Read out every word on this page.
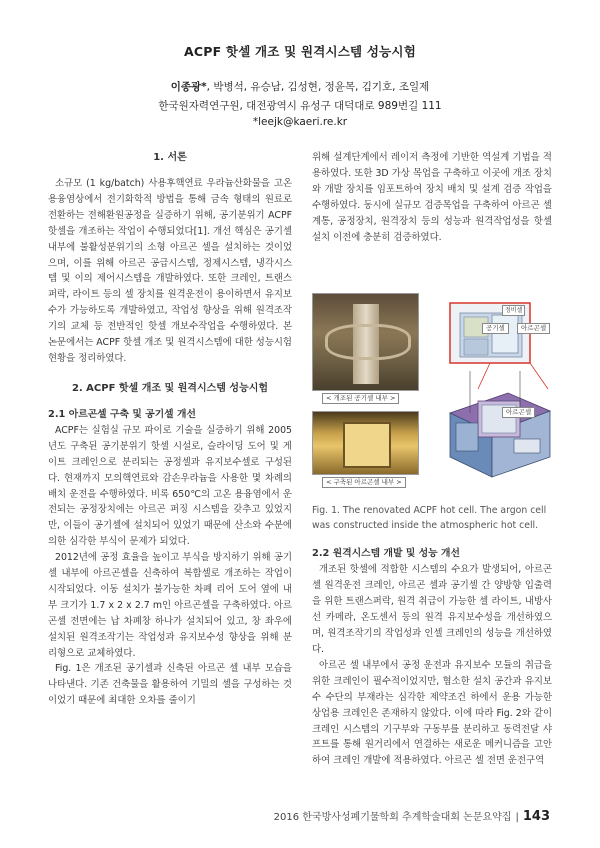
ACPF 핫셀 개조 및 원격시스템 성능시험
이종광*, 박병석, 유승남, 김성현, 정윤목, 김기호, 조일제
한국원자력연구원, 대전광역시 유성구 대덕대로 989번길 111
*leejk@kaeri.re.kr
1. 서론

소규모 (1 kg/batch) 사용후핵연료 우라늄산화물을 고온 용융염상에서 전기화학적 방법을 통해 금속 형태의 원료로 전환하는 전해환원공정을 실증하기 위해, 공기분위기 ACPF 핫셀을 개조하는 작업이 수행되었다[1]. 개선 핵심은 공기셀 내부에 불활성분위기의 소형 아르곤 셀을 설치하는 것이었으며, 이를 위해 아르곤 공급시스템, 정제시스템, 냉각시스템 및 이의 제어시스템을 개발하였다. 또한 크레인, 트랜스퍼락, 라이트 등의 셀 장치를 원격운전이 용이하면서 유지보수가 가능하도록 개발하였고, 작업성 향상을 위해 원격조작기의 교체 등 전반적인 핫셀 개보수작업을 수행하였다. 본 논문에서는 ACPF 핫셀 개조 및 원격시스템에 대한 성능시험 현황을 정리하였다.

2. ACPF 핫셀 개조 및 원격시스템 성능시험
2.1 아르곤셀 구축 및 공기셀 개선

ACPF는 실험실 규모 파이로 기술을 실증하기 위해 2005년도 구축된 공기분위기 핫셀 시설로, 슬라이딩 도어 및 게이트 크레인으로 분리되는 공정셀과 유지보수셀로 구성된다. 현재까지 모의핵연료와 감손우라늄을 사용한 몇 차례의 배치 운전을 수행하였다. 비록 650℃의 고온 용융염에서 운전되는 공정장치에는 아르곤 퍼징 시스템을 갖추고 있었지만, 이들이 공기셀에 설치되어 있었기 때문에 산소와 수분에 의한 심각한 부식이 문제가 되었다.

2012년에 공정 효율을 높이고 부식을 방지하기 위해 공기셀 내부에 아르곤셀을 신축하여 복합셀로 개조하는 작업이 시작되었다. 이동 설치가 불가능한 차폐 리어 도어 옆에 내부 크기가 1.7 x 2 x 2.7 m인 아르곤셀을 구축하였다. 아르곤셀 전면에는 납 차폐창 하나가 설치되어 있고, 창 좌우에 설치된 원격조작기는 작업성과 유지보수성 향상을 위해 분리형으로 교체하였다.

Fig. 1은 개조된 공기셀과 신축된 아르곤 셀 내부 모습을 나타낸다. 기존 건축물을 활용하여 기밀의 셀을 구성하는 것이었기 때문에 최대한 오차를 줄이기

위해 설계단계에서 레이저 측정에 기반한 역설계 기법을 적용하였다. 또한 3D 가상 목업을 구축하고 이곳에 개조 장치와 개발 장치를 임포트하여 장치 배치 및 설계 검증 작업을 수행하였다. 동시에 실규모 검증목업을 구축하여 아르곤 셀 계통, 공정장치, 원격장치 등의 성능과 원격작업성을 핫셀 설치 이전에 충분히 검증하였다.

< 개조된 공기셀 내부 >
< 구축된 아르곤셀 내부 >
정비셀
공기셀	아르곤셀
아르곤셀
Fig. 1. The renovated ACPF hot cell. The argon cell was constructed inside the atmospheric hot cell.
2.2 원격시스템 개발 및 성능 개선

개조된 핫셀에 적합한 시스템의 수요가 발생되어, 아르곤 셀 원격운전 크레인, 아르곤 셀과 공기셀 간 양방향 입출력을 위한 트랜스퍼락, 원격 취급이 가능한 셀 라이트, 내방사선 카메라, 온도센서 등의 원격 유지보수성을 개선하였으며, 원격조작기의 작업성과 인셀 크레인의 성능을 개선하였다.

아르곤 셀 내부에서 공정 운전과 유지보수 모듈의 취급을 위한 크레인이 필수적이었지만, 협소한 설치 공간과 유지보수 수단의 부재라는 심각한 제약조건 하에서 운용 가능한 상업용 크레인은 존재하지 않았다. 이에 따라 Fig. 2와 같이 크레인 시스템의 기구부와 구동부를 분리하고 동력전달 샤프트를 통해 원거리에서 연결하는 새로운 메커니즘을 고안하여 크레인 개발에 적용하였다. 아르곤 셀 전면 운전구역

2016 한국방사성폐기물학회 추계학술대회 논문요약집 | 143
